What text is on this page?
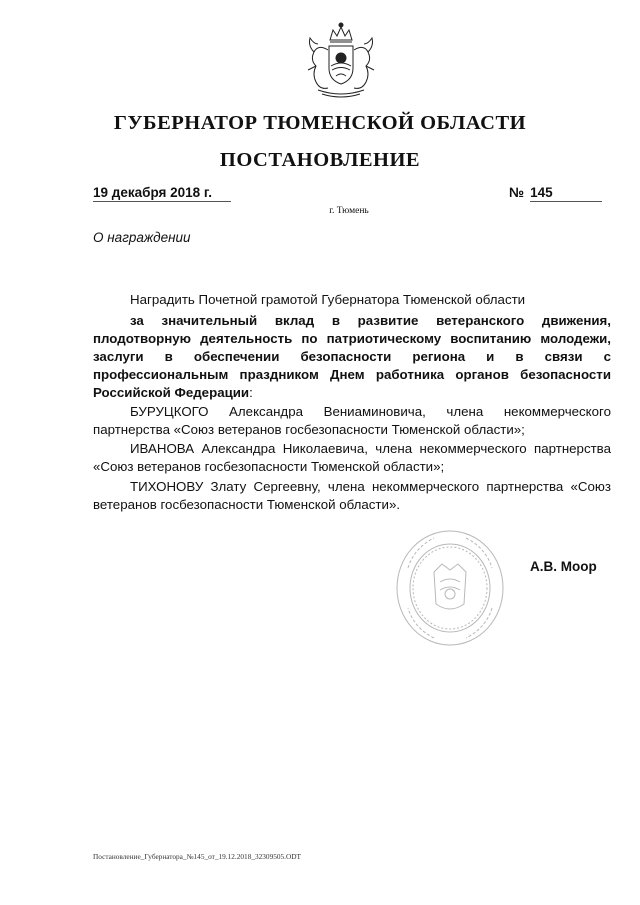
ГУБЕРНАТОР ТЮМЕНСКОЙ ОБЛАСТИ
ПОСТАНОВЛЕНИЕ
19 декабря 2018 г.	№ 145
г. Тюмень
О награждении
Наградить Почетной грамотой Губернатора Тюменской области
за значительный вклад в развитие ветеранского движения, плодотворную деятельность по патриотическому воспитанию молодежи, заслуги в обеспечении безопасности региона и в связи с профессиональным праздником Днем работника органов безопасности Российской Федерации:
БУРУЦКОГО Александра Вениаминовича, члена некоммерческого партнерства «Союз ветеранов госбезопасности Тюменской области»;
ИВАНОВА Александра Николаевича, члена некоммерческого партнерства «Союз ветеранов госбезопасности Тюменской области»;
ТИХОНОВУ Злату Сергеевну, члена некоммерческого партнерства «Союз ветеранов госбезопасности Тюменской области».
А.В. Моор
Постановление_Губернатора_№145_от_19.12.2018_32309505.ODT
